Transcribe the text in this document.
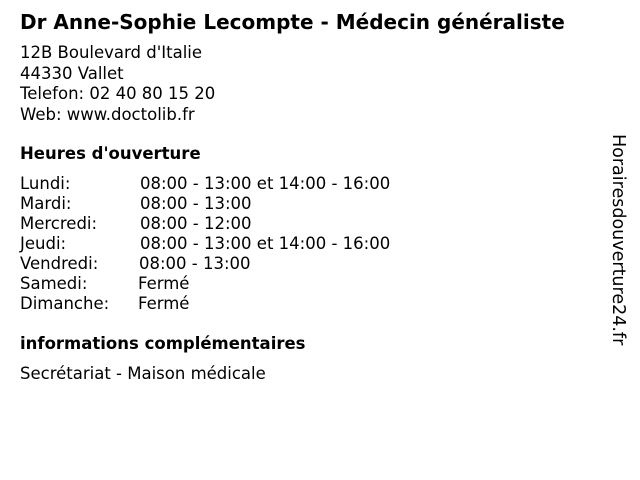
Dr Anne-Sophie Lecompte - Médecin généraliste
12B Boulevard d'Italie
44330 Vallet
Telefon: 02 40 80 15 20
Web: www.doctolib.fr
Heures d'ouverture
Lundi:	08:00 - 13:00 et 14:00 - 16:00
Mardi:	08:00 - 13:00
Mercredi:	08:00 - 12:00
Jeudi:	08:00 - 13:00 et 14:00 - 16:00
Vendredi: 08:00 - 13:00
Samedi:	Fermé
Dimanche: Fermé
informations complémentaires
Secrétariat - Maison médicale
Horairesdouverture24.fr
